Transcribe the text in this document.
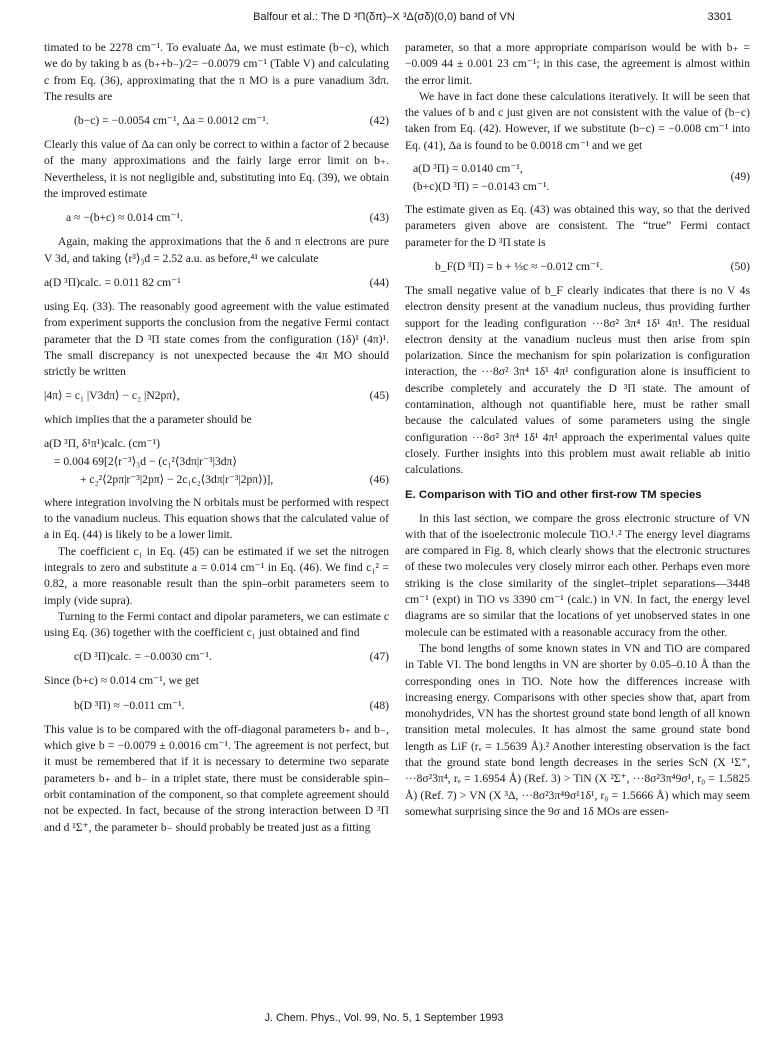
Balfour et al.: The D ³Π(δπ)–X ³Δ(σδ)(0,0) band of VN	3301

timated to be 2278 cm⁻¹. To evaluate Δa, we must estimate (b−c), which we do by taking b as (b₊+b₋)/2= −0.0079 cm⁻¹ (Table V) and calculating c from Eq. (36), approximating that the π MO is a pure vanadium 3dπ. The results are

(b−c) = −0.0054 cm⁻¹, Δa = 0.0012 cm⁻¹.	(42)

Clearly this value of Δa can only be correct to within a factor of 2 because of the many approximations and the fairly large error limit on b₊. Nevertheless, it is not negligible and, substituting into Eq. (39), we obtain the improved estimate

a ≈ −(b+c) ≈ 0.014 cm⁻¹.	(43)

Again, making the approximations that the δ and π electrons are pure V 3d, and taking ⟨r³⟩₃d = 2.52 a.u. as before,⁴¹ we calculate

a(D ³Π)calc. = 0.011 82 cm⁻¹	(44)

using Eq. (33). The reasonably good agreement with the value estimated from experiment supports the conclusion from the negative Fermi contact parameter that the D ³Π state comes from the configuration (1δ)¹ (4π)¹. The small discrepancy is not unexpected because the 4π MO should strictly be written

|4π⟩ = c₁ |V3dπ⟩ − c₂ |N2pπ⟩,	(45)

which implies that the a parameter should be

a(D ³Π, δ¹π¹)calc. (cm⁻¹)
= 0.004 69[2⟨r⁻³⟩₃d − (c₁²⟨3dπ|r⁻³|3dπ⟩
+ c₂²⟨2pπ|r⁻³|2pπ⟩ − 2c₁c₂⟨3dπ|r⁻³|2pπ⟩)],	(46)

where integration involving the N orbitals must be performed with respect to the vanadium nucleus. This equation shows that the calculated value of a in Eq. (44) is likely to be a lower limit.

The coefficient c₁ in Eq. (45) can be estimated if we set the nitrogen integrals to zero and substitute a = 0.014 cm⁻¹ in Eq. (46). We find c₁² = 0.82, a more reasonable result than the spin–orbit parameters seem to imply (vide supra).

Turning to the Fermi contact and dipolar parameters, we can estimate c using Eq. (36) together with the coefficient c₁ just obtained and find

c(D ³Π)calc. = −0.0030 cm⁻¹.	(47)

Since (b+c) ≈ 0.014 cm⁻¹, we get

b(D ³Π) ≈ −0.011 cm⁻¹.	(48)

This value is to be compared with the off-diagonal parameters b₊ and b₋, which give b = −0.0079 ± 0.0016 cm⁻¹. The agreement is not perfect, but it must be remembered that if it is necessary to determine two separate parameters b₊ and b₋ in a triplet state, there must be considerable spin–orbit contamination of the component, so that complete agreement should not be expected. In fact, because of the strong interaction between D ³Π and d ¹Σ⁺, the parameter b₋ should probably be treated just as a fitting

parameter, so that a more appropriate comparison would be with b₊ = −0.009 44 ± 0.001 23 cm⁻¹; in this case, the agreement is almost within the error limit.

We have in fact done these calculations iteratively. It will be seen that the values of b and c just given are not consistent with the value of (b−c) taken from Eq. (42). However, if we substitute (b−c) = −0.008 cm⁻¹ into Eq. (41), Δa is found to be 0.0018 cm⁻¹ and we get

a(D ³Π) = 0.0140 cm⁻¹,
(b+c)(D ³Π) = −0.0143 cm⁻¹.
(49)

The estimate given as Eq. (43) was obtained this way, so that the derived parameters given above are consistent. The “true” Fermi contact parameter for the D ³Π state is

b_F(D ³Π) = b + ⅓c ≈ −0.012 cm⁻¹.	(50)

The small negative value of b_F clearly indicates that there is no V 4s electron density present at the vanadium nucleus, thus providing further support for the leading configuration ···8σ² 3π⁴ 1δ¹ 4π¹. The residual electron density at the vanadium nucleus must then arise from spin polarization. Since the mechanism for spin polarization is configuration interaction, the ···8σ² 3π⁴ 1δ¹ 4π¹ configuration alone is insufficient to describe completely and accurately the D ³Π state. The amount of contamination, although not quantifiable here, must be rather small because the calculated values of some parameters using the single configuration ···8σ² 3π⁴ 1δ¹ 4π¹ approach the experimental values quite closely. Further insights into this problem must await reliable ab initio calculations.

E. Comparison with TiO and other first-row TM species

In this last section, we compare the gross electronic structure of VN with that of the isoelectronic molecule TiO.¹˒² The energy level diagrams are compared in Fig. 8, which clearly shows that the electronic structures of these two molecules very closely mirror each other. Perhaps even more striking is the close similarity of the singlet–triplet separations—3448 cm⁻¹ (expt) in TiO vs 3390 cm⁻¹ (calc.) in VN. In fact, the energy level diagrams are so similar that the locations of yet unobserved states in one molecule can be estimated with a reasonable accuracy from the other.

The bond lengths of some known states in VN and TiO are compared in Table VI. The bond lengths in VN are shorter by 0.05–0.10 Å than the corresponding ones in TiO. Note how the differences increase with increasing energy. Comparisons with other species show that, apart from monohydrides, VN has the shortest ground state bond length of all known transition metal molecules. It has almost the same ground state bond length as LiF (rₑ = 1.5639 Å).² Another interesting observation is the fact that the ground state bond length decreases in the series ScN (X ¹Σ⁺, ···8σ²3π⁴, rₑ = 1.6954 Å) (Ref. 3) > TiN (X ²Σ⁺, ···8σ²3π⁴9σ¹, r₀ = 1.5825 Å) (Ref. 7) > VN (X ³Δ, ···8σ²3π⁴9σ¹1δ¹, r₀ = 1.5666 Å) which may seem somewhat surprising since the 9σ and 1δ MOs are essen-

J. Chem. Phys., Vol. 99, No. 5, 1 September 1993
